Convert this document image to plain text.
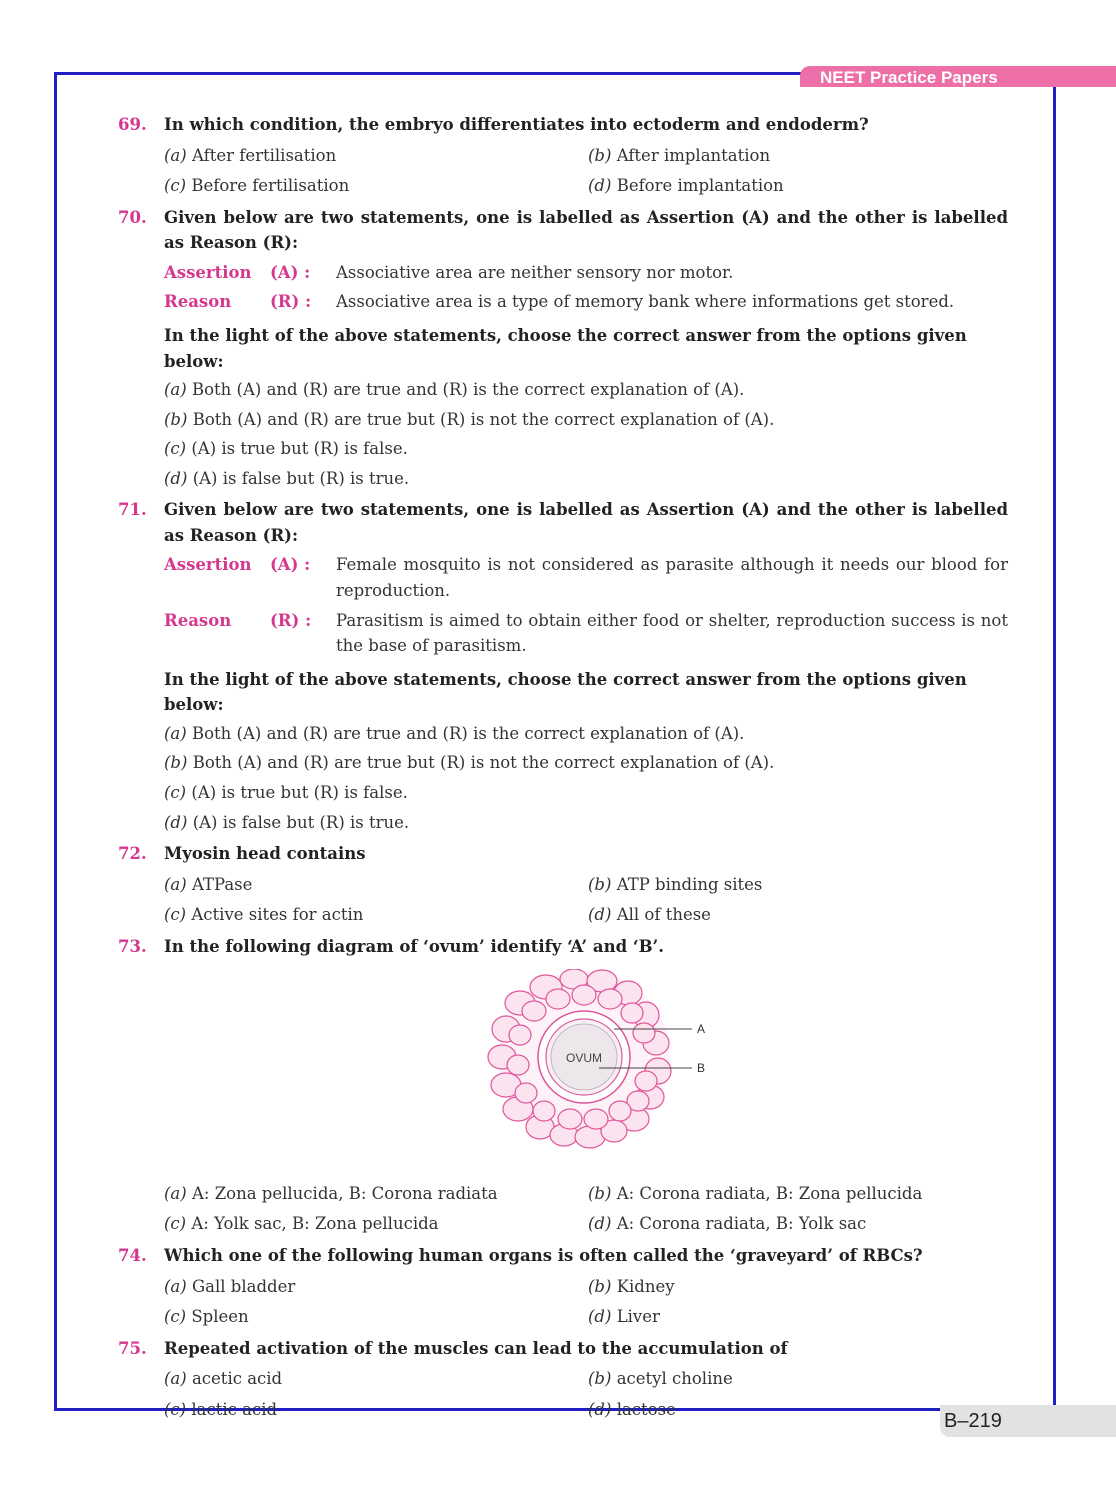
NEET Practice Papers
69. In which condition, the embryo differentiates into ectoderm and endoderm?
(a) After fertilisation	(b) After implantation
(c) Before fertilisation	(d) Before implantation
70. Given below are two statements, one is labelled as Assertion (A) and the other is labelled as Reason (R):
Assertion	(A) :	Associative area are neither sensory nor motor.
Reason	(R) :	Associative area is a type of memory bank where informations get stored.
In the light of the above statements, choose the correct answer from the options given below:
(a) Both (A) and (R) are true and (R) is the correct explanation of (A).
(b) Both (A) and (R) are true but (R) is not the correct explanation of (A).
(c) (A) is true but (R) is false.
(d) (A) is false but (R) is true.
71. Given below are two statements, one is labelled as Assertion (A) and the other is labelled as Reason (R):
Assertion	(A) :	Female mosquito is not considered as parasite although it needs our blood for reproduction.
Reason	(R) :	Parasitism is aimed to obtain either food or shelter, reproduction success is not the base of parasitism.
In the light of the above statements, choose the correct answer from the options given below:
(a) Both (A) and (R) are true and (R) is the correct explanation of (A).
(b) Both (A) and (R) are true but (R) is not the correct explanation of (A).
(c) (A) is true but (R) is false.
(d) (A) is false but (R) is true.
72. Myosin head contains
(a) ATPase	(b) ATP binding sites
(c) Active sites for actin	(d) All of these
73. In the following diagram of ‘ovum’ identify ‘A’ and ‘B’.
OVUM
A
B
(a) A: Zona pellucida, B: Corona radiata	(b) A: Corona radiata, B: Zona pellucida
(c) A: Yolk sac, B: Zona pellucida	(d) A: Corona radiata, B: Yolk sac
74. Which one of the following human organs is often called the ‘graveyard’ of RBCs?
(a) Gall bladder	(b) Kidney
(c) Spleen	(d) Liver
75. Repeated activation of the muscles can lead to the accumulation of
(a) acetic acid	(b) acetyl choline
(c) lactic acid	(d) lactose
B–219
